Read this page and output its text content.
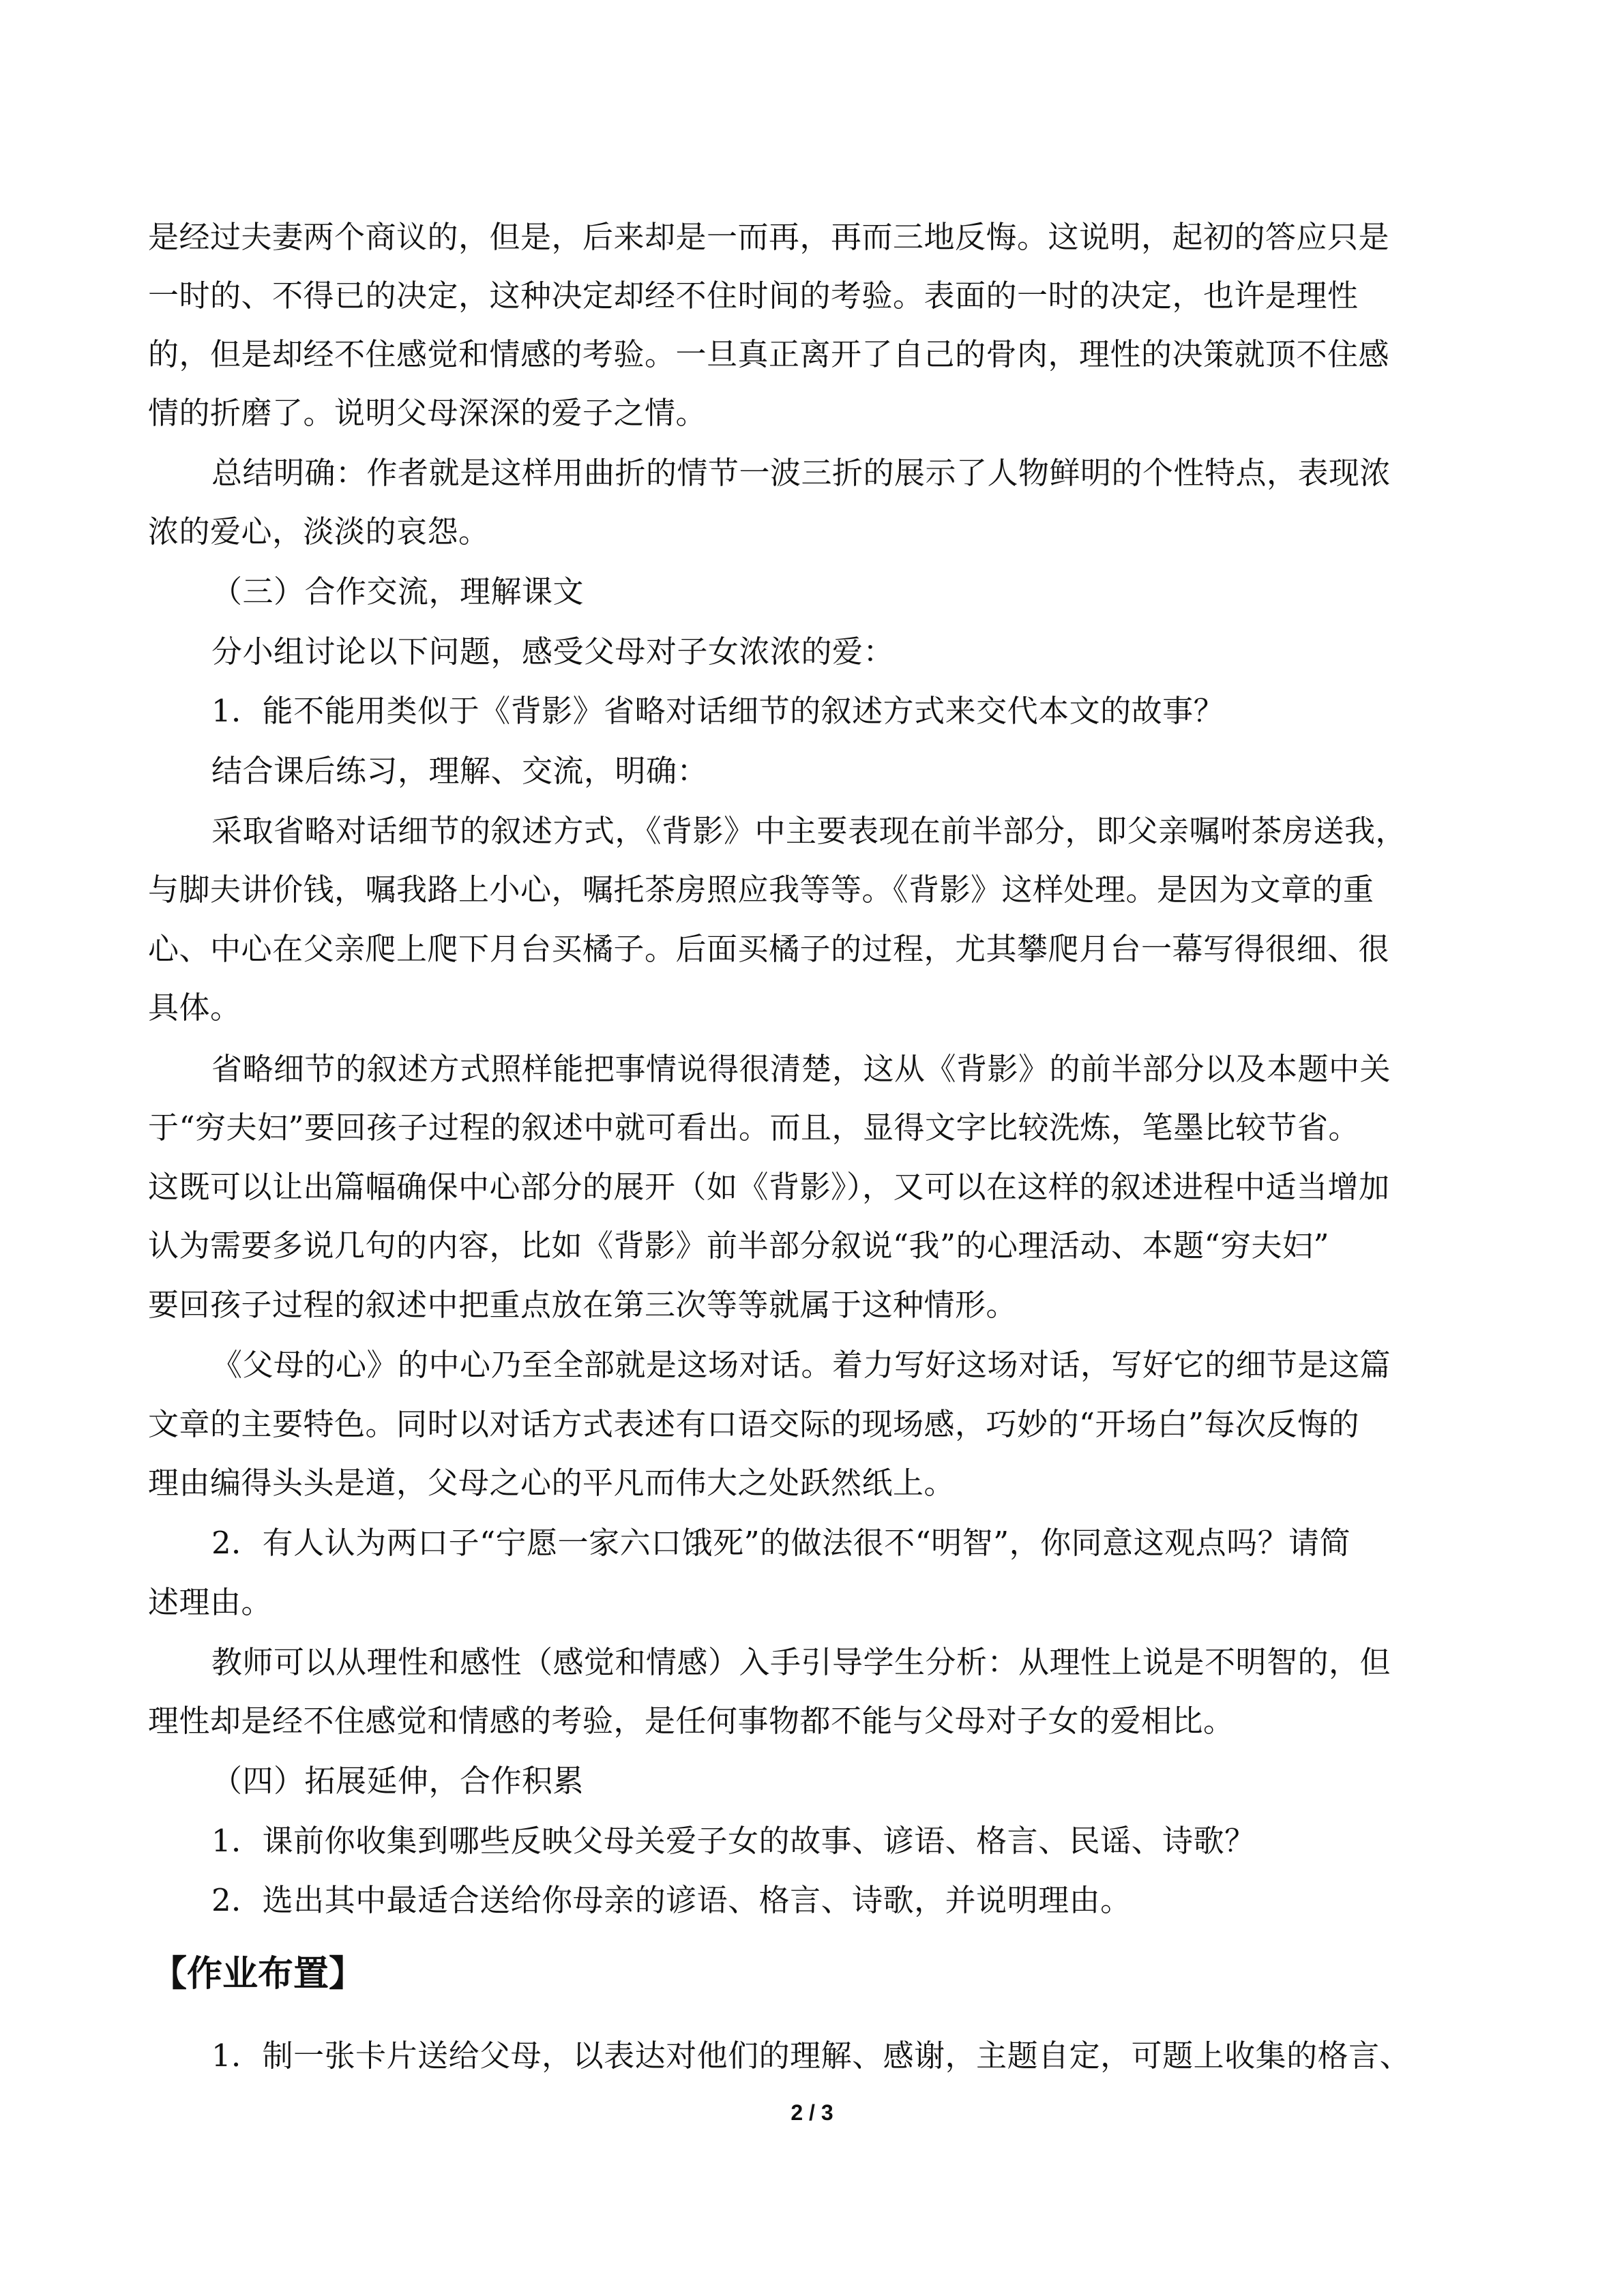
是经过夫妻两个商议的，但是，后来却是一而再，再而三地反悔。这说明，起初的答应只是
一时的、不得已的决定，这种决定却经不住时间的考验。表面的一时的决定，也许是理性
的，但是却经不住感觉和情感的考验。一旦真正离开了自己的骨肉，理性的决策就顶不住感
情的折磨了。说明父母深深的爱子之情。
总结明确：作者就是这样用曲折的情节一波三折的展示了人物鲜明的个性特点，表现浓
浓的爱心，淡淡的哀怨。
（三）合作交流，理解课文
分小组讨论以下问题，感受父母对子女浓浓的爱：
1．能不能用类似于《背影》省略对话细节的叙述方式来交代本文的故事？
结合课后练习，理解、交流，明确：
采取省略对话细节的叙述方式，《背影》中主要表现在前半部分，即父亲嘱咐茶房送我，
与脚夫讲价钱，嘱我路上小心，嘱托茶房照应我等等。《背影》这样处理。是因为文章的重
心、中心在父亲爬上爬下月台买橘子。后面买橘子的过程，尤其攀爬月台一幕写得很细、很
具体。
省略细节的叙述方式照样能把事情说得很清楚，这从《背影》的前半部分以及本题中关
于“穷夫妇”要回孩子过程的叙述中就可看出。而且，显得文字比较洗炼，笔墨比较节省。
这既可以让出篇幅确保中心部分的展开（如《背影》），又可以在这样的叙述进程中适当增加
认为需要多说几句的内容，比如《背影》前半部分叙说“我”的心理活动、本题“穷夫妇”
要回孩子过程的叙述中把重点放在第三次等等就属于这种情形。
《父母的心》的中心乃至全部就是这场对话。着力写好这场对话，写好它的细节是这篇
文章的主要特色。同时以对话方式表述有口语交际的现场感，巧妙的“开场白”每次反悔的
理由编得头头是道，父母之心的平凡而伟大之处跃然纸上。
2．有人认为两口子“宁愿一家六口饿死”的做法很不“明智”，你同意这观点吗？请简
述理由。
教师可以从理性和感性（感觉和情感）入手引导学生分析：从理性上说是不明智的，但
理性却是经不住感觉和情感的考验，是任何事物都不能与父母对子女的爱相比。
（四）拓展延伸，合作积累
1．课前你收集到哪些反映父母关爱子女的故事、谚语、格言、民谣、诗歌？
2．选出其中最适合送给你母亲的谚语、格言、诗歌，并说明理由。
【作业布置】
1．制一张卡片送给父母，以表达对他们的理解、感谢，主题自定，可题上收集的格言、
2 / 3
